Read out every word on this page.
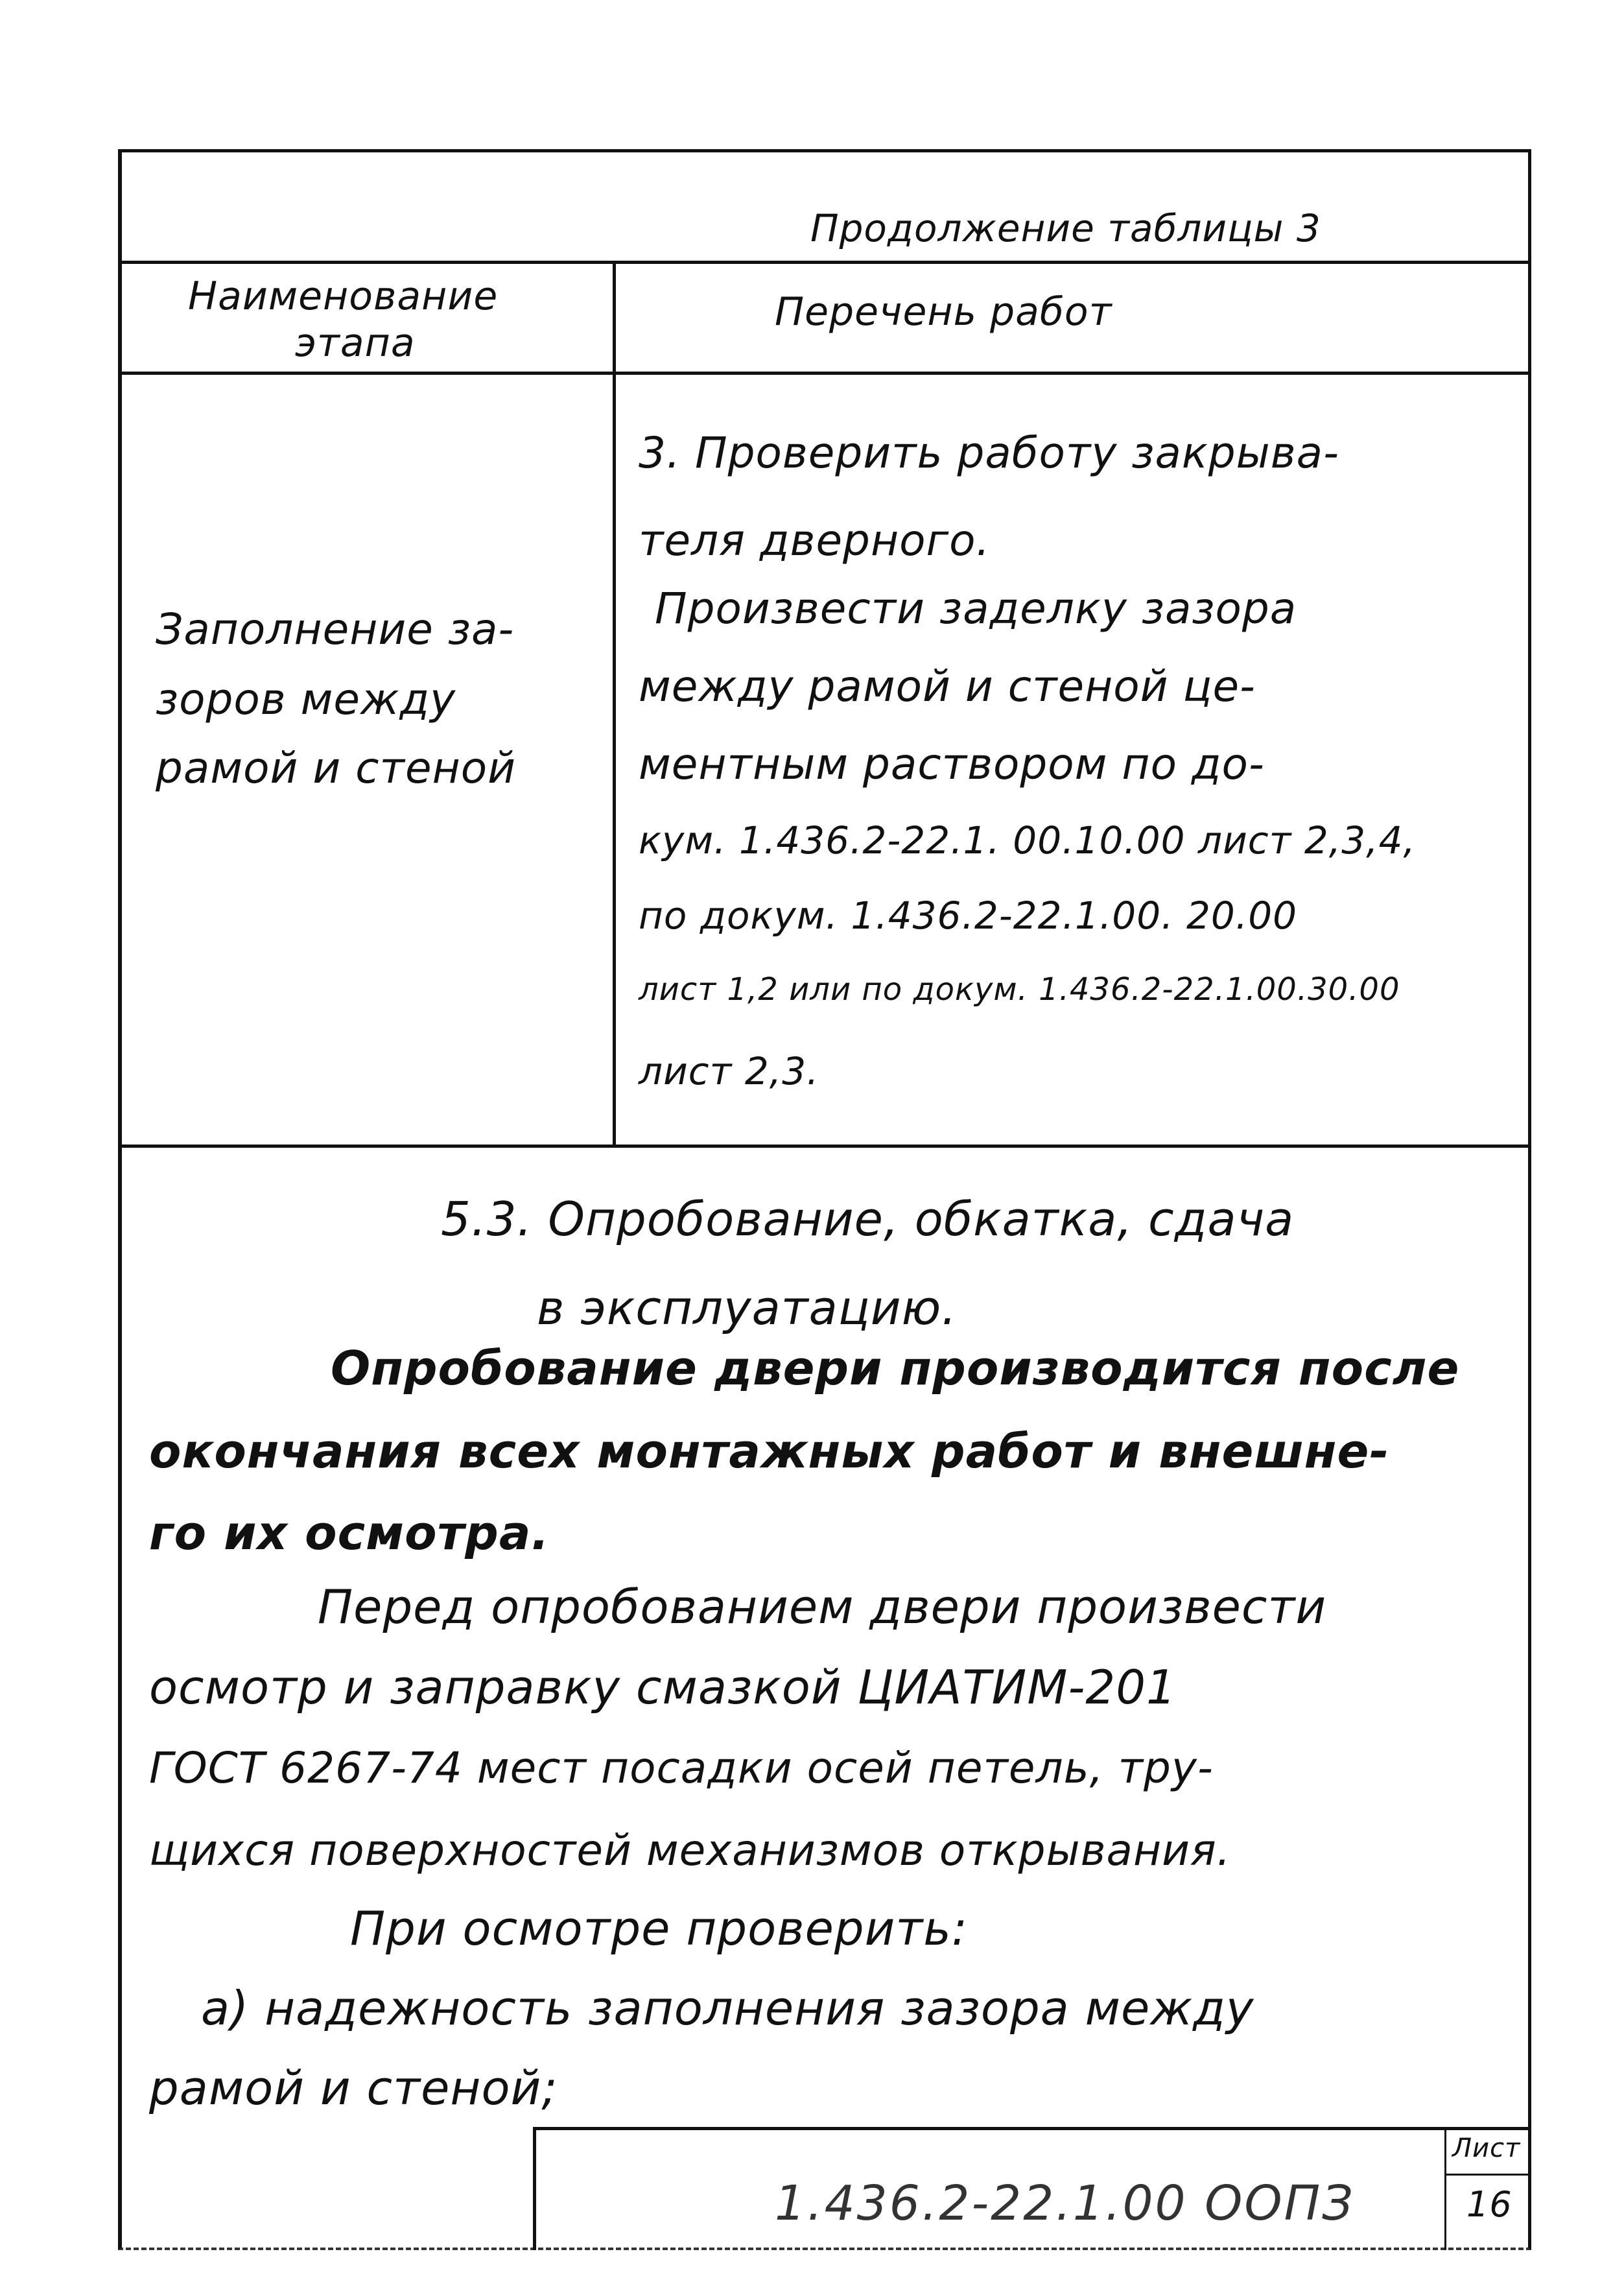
Продолжение таблицы 3
Наименование
этапа
Перечень работ
Заполнение за-
зоров между
рамой и стеной
3. Проверить работу закрыва-
теля дверного.
Произвести заделку зазора
между рамой и стеной це-
ментным раствором по до-
кум. 1.436.2-22.1. 00.10.00 лист 2,3,4,
по докум. 1.436.2-22.1.00. 20.00
лист 1,2 или по докум. 1.436.2-22.1.00.30.00
лист 2,3.
5.3. Опробование, обкатка, сдача
в эксплуатацию.
Опробование двери производится после
окончания всех монтажных работ и внешне-
го их осмотра.
Перед опробованием двери произвести
осмотр и заправку смазкой ЦИАТИМ-201
ГОСТ 6267-74 мест посадки осей петель, тру-
щихся поверхностей механизмов открывания.
При осмотре проверить:
а) надежность заполнения зазора между
рамой и стеной;
1.436.2-22.1.00 ООПЗ
Лист
16
